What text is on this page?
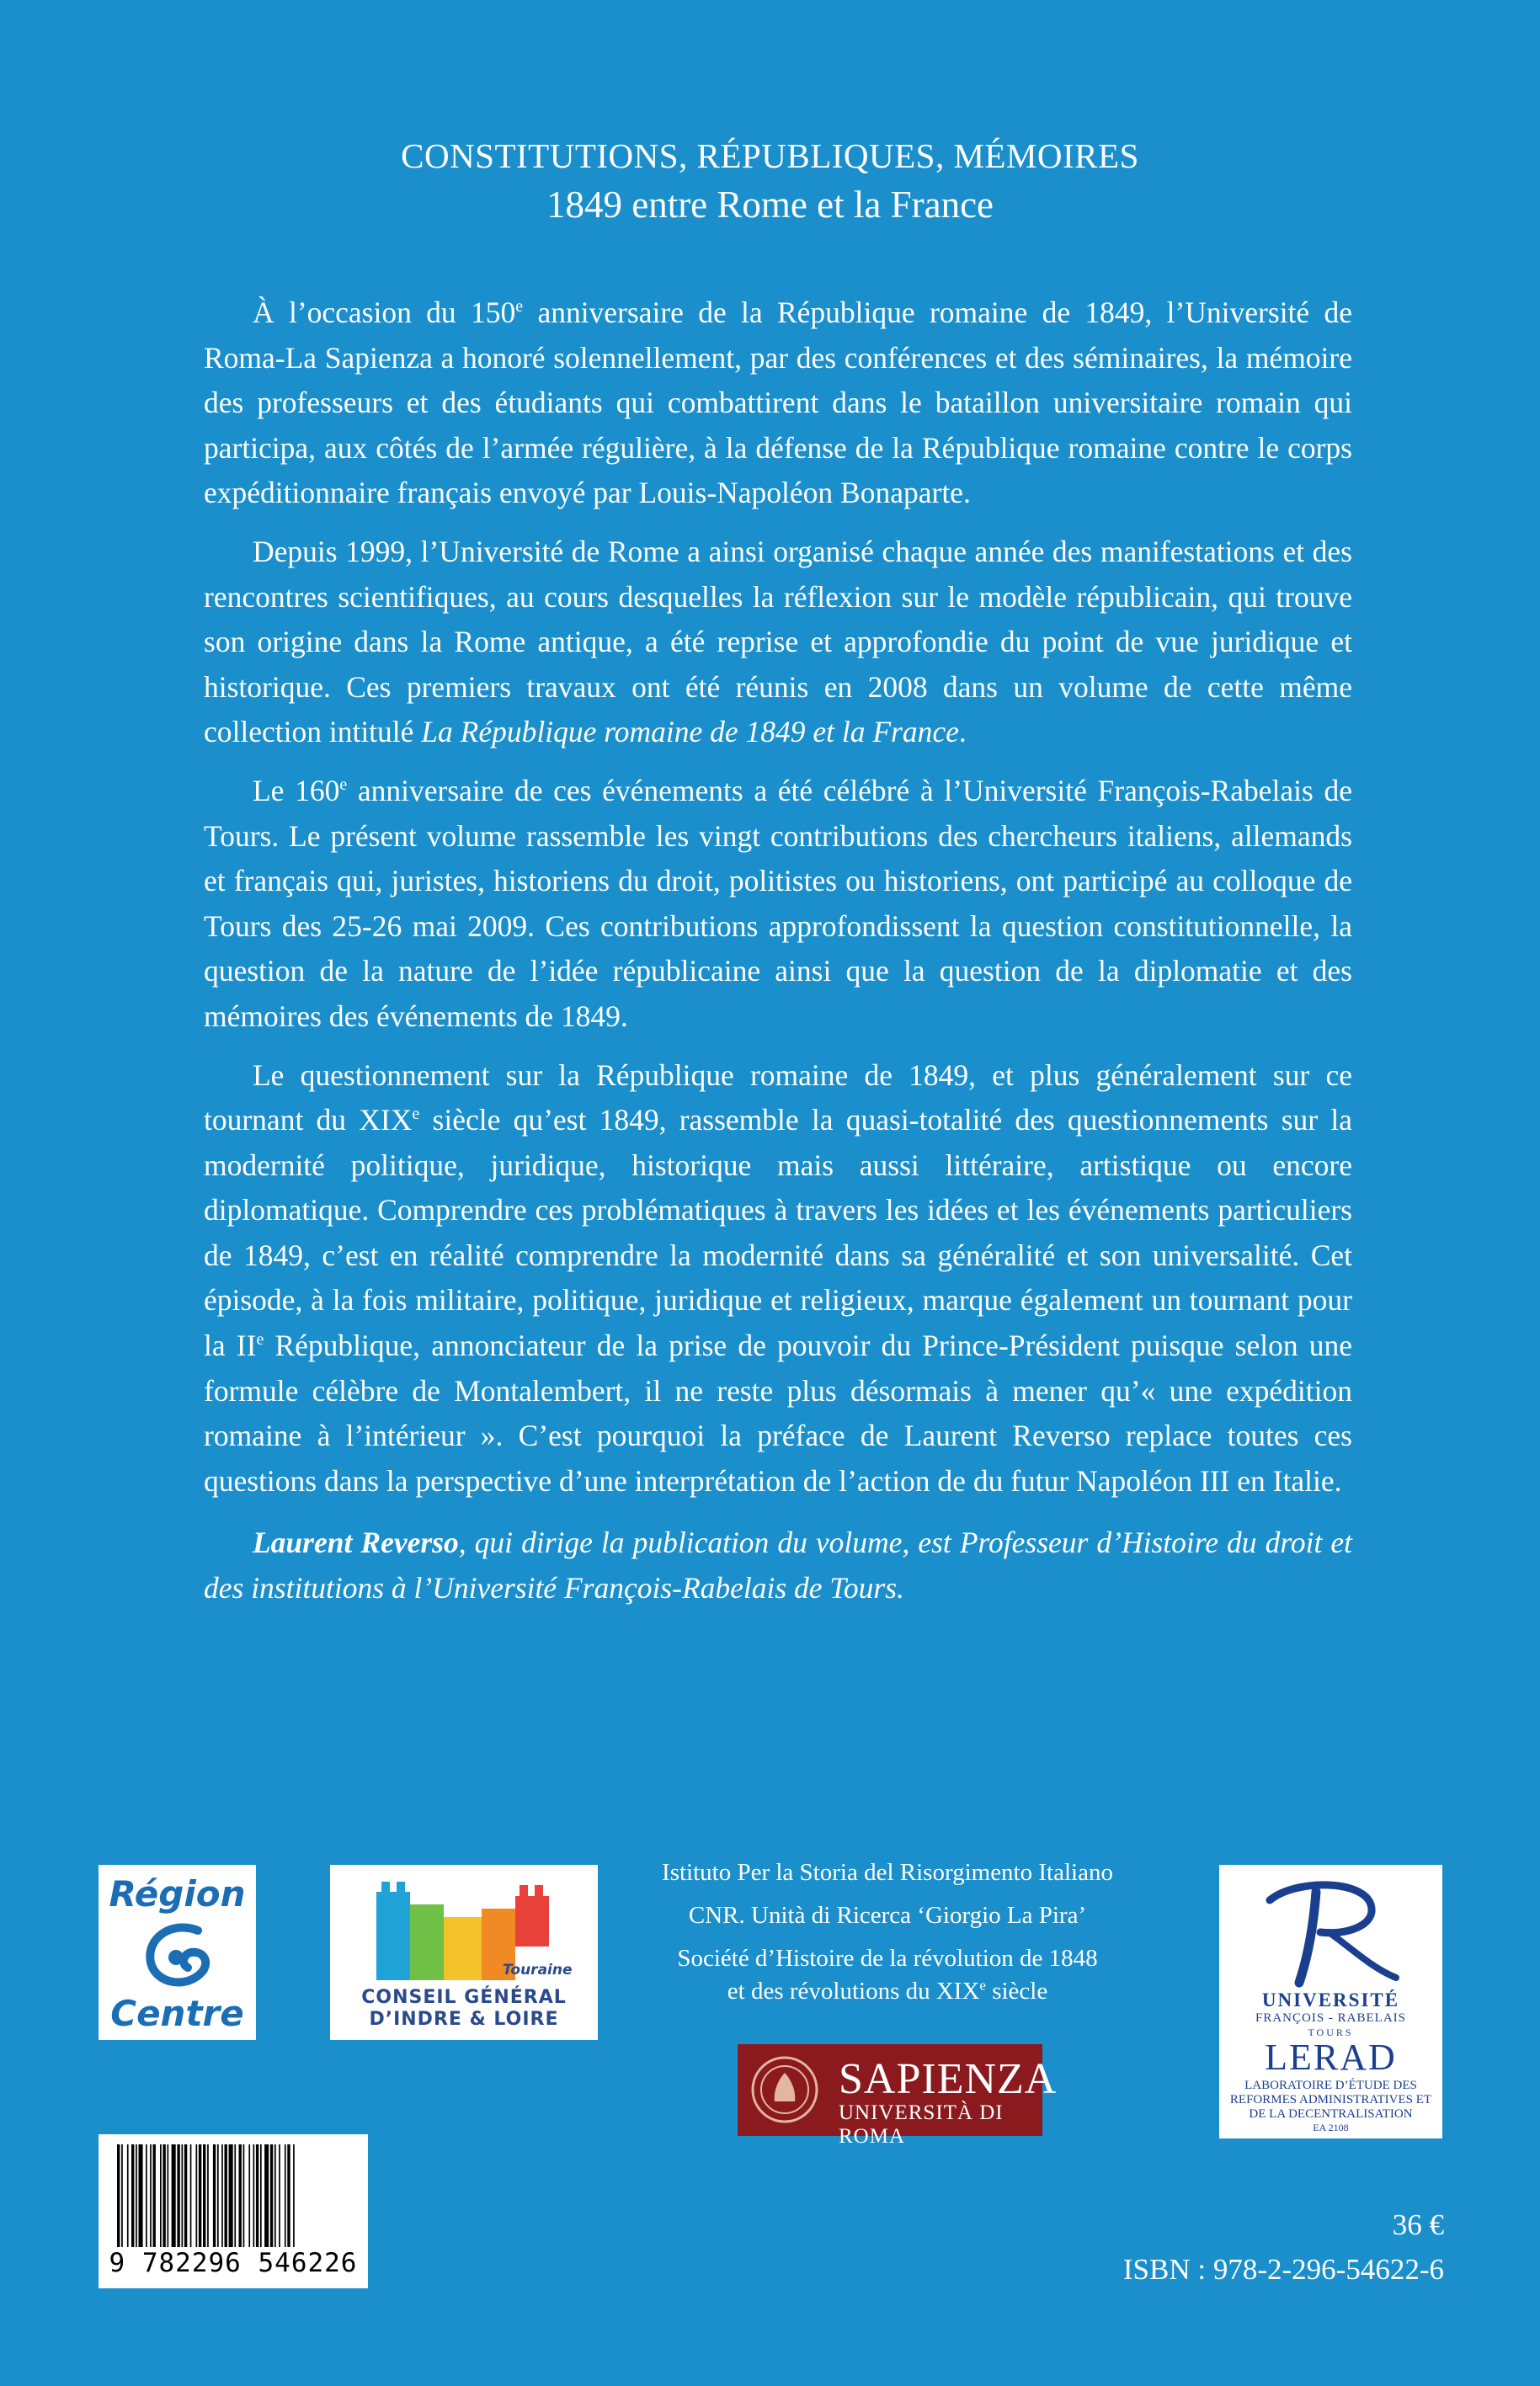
CONSTITUTIONS, RÉPUBLIQUES, MÉMOIRES
1849 entre Rome et la France

À l’occasion du 150e anniversaire de la République romaine de 1849, l’Université de Roma-La Sapienza a honoré solennellement, par des conférences et des séminaires, la mémoire des professeurs et des étudiants qui combattirent dans le bataillon universitaire romain qui participa, aux côtés de l’armée régulière, à la défense de la République romaine contre le corps expéditionnaire français envoyé par Louis-Napoléon Bonaparte.

Depuis 1999, l’Université de Rome a ainsi organisé chaque année des manifestations et des rencontres scientifiques, au cours desquelles la réflexion sur le modèle républicain, qui trouve son origine dans la Rome antique, a été reprise et approfondie du point de vue juridique et historique. Ces premiers travaux ont été réunis en 2008 dans un volume de cette même collection intitulé La République romaine de 1849 et la France.

Le 160e anniversaire de ces événements a été célébré à l’Université François-Rabelais de Tours. Le présent volume rassemble les vingt contributions des chercheurs italiens, allemands et français qui, juristes, historiens du droit, politistes ou historiens, ont participé au colloque de Tours des 25-26 mai 2009. Ces contributions approfondissent la question constitutionnelle, la question de la nature de l’idée républicaine ainsi que la question de la diplomatie et des mémoires des événements de 1849.

Le questionnement sur la République romaine de 1849, et plus généralement sur ce tournant du XIXe siècle qu’est 1849, rassemble la quasi-totalité des questionnements sur la modernité politique, juridique, historique mais aussi littéraire, artistique ou encore diplomatique. Comprendre ces problématiques à travers les idées et les événements particuliers de 1849, c’est en réalité comprendre la modernité dans sa généralité et son universalité. Cet épisode, à la fois militaire, politique, juridique et religieux, marque également un tournant pour la IIe République, annonciateur de la prise de pouvoir du Prince-Président puisque selon une formule célèbre de Montalembert, il ne reste plus désormais à mener qu’« une expédition romaine à l’intérieur ». C’est pourquoi la préface de Laurent Reverso replace toutes ces questions dans la perspective d’une interprétation de l’action de du futur Napoléon III en Italie.

Laurent Reverso, qui dirige la publication du volume, est Professeur d’Histoire du droit et des institutions à l’Université François-Rabelais de Tours.

Région
Centre
Touraine
CONSEIL GÉNÉRAL
D’INDRE & LOIRE
Istituto Per la Storia del Risorgimento Italiano
CNR. Unità di Ricerca ‘Giorgio La Pira’
Société d’Histoire de la révolution de 1848
et des révolutions du XIXe siècle
SAPIENZA
UNIVERSITÀ DI ROMA
UNIVERSITÉ
FRANÇOIS - RABELAIS
TOURS
LERAD
LABORATOIRE D’ÉTUDE DES REFORMES ADMINISTRATIVES ET DE LA DECENTRALISATION
EA 2108
9 782296 546226
36 €
ISBN : 978-2-296-54622-6
